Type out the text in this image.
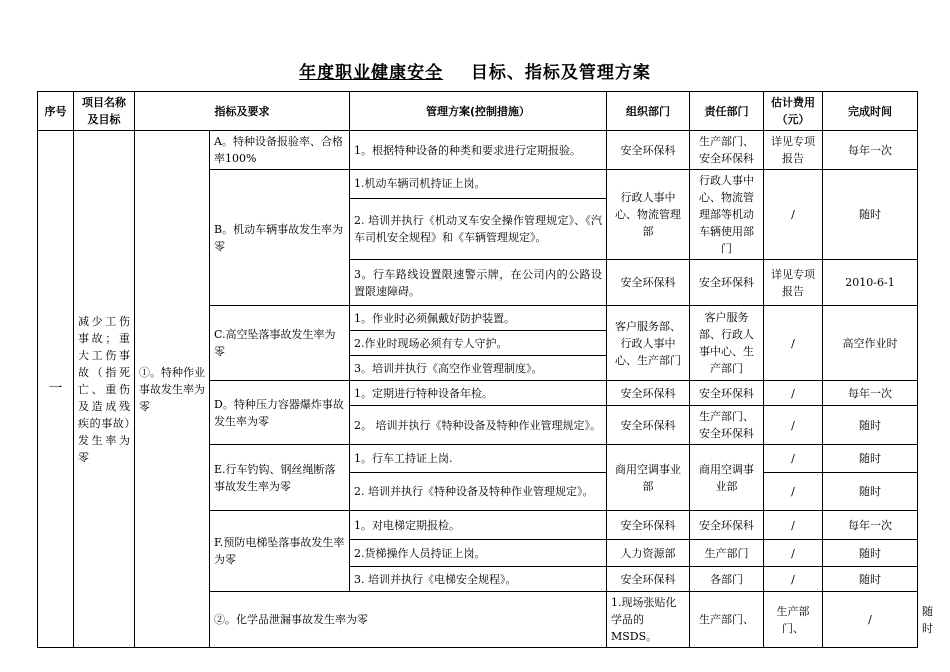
年度职业健康安全 目标、指标及管理方案
序号	项目名称及目标	指标及要求		管理方案(控制措施）	组织部门	责任部门	估计费用（元）	完成时间	
一	减少工伤事故；重大工伤事故（指死亡、重伤及造成残疾的事故）发生率为零	①。特种作业事故发生率为零	A。特种设备报验率、合格率100%	1。根据特种设备的种类和要求进行定期报验。	安全环保科	生产部门、安全环保科	详见专项报告	每年一次	
			B。机动车辆事故发生率为零	1.机动车辆司机持证上岗。	行政人事中心、物流管理部	行政人事中心、物流管理部等机动车辆使用部门	/	随时	
				2. 培训并执行《机动叉车安全操作管理规定》、《汽车司机安全规程》和《车辆管理规定》。					
				3。行车路线设置限速警示牌，在公司内的公路设置限速障碍。	安全环保科	安全环保科	详见专项报告	2010-6-1	
			C.高空坠落事故发生率为零	1。作业时必须佩戴好防护装置。	客户服务部、行政人事中心、生产部门	客户服务部、行政人事中心、生产部门	/	高空作业时	
				2.作业时现场必须有专人守护。					
				3。培训并执行《高空作业管理制度》。					
			D。特种压力容器爆炸事故发生率为零	1。定期进行特种设备年检。	安全环保科	安全环保科	/	每年一次	
				2。 培训并执行《特种设备及特种作业管理规定》。	安全环保科	生产部门、安全环保科	/	随时	
			E.行车钓钩、钢丝绳断落事故发生率为零	1。行车工持证上岗.	商用空调事业部	商用空调事业部	/	随时	
				2. 培训并执行《特种设备及特种作业管理规定》。			/	随时	
			F.预防电梯坠落事故发生率为零	1。对电梯定期报检。	安全环保科	安全环保科	/	每年一次	
				2.货梯操作人员持证上岗。	人力资源部	生产部门	/	随时	
				3. 培训并执行《电梯安全规程》。	安全环保科	各部门	/	随时	
			②。化学品泄漏事故发生率为零		1.现场张贴化学品的MSDS。	生产部门、	生产部门、	/	随时
